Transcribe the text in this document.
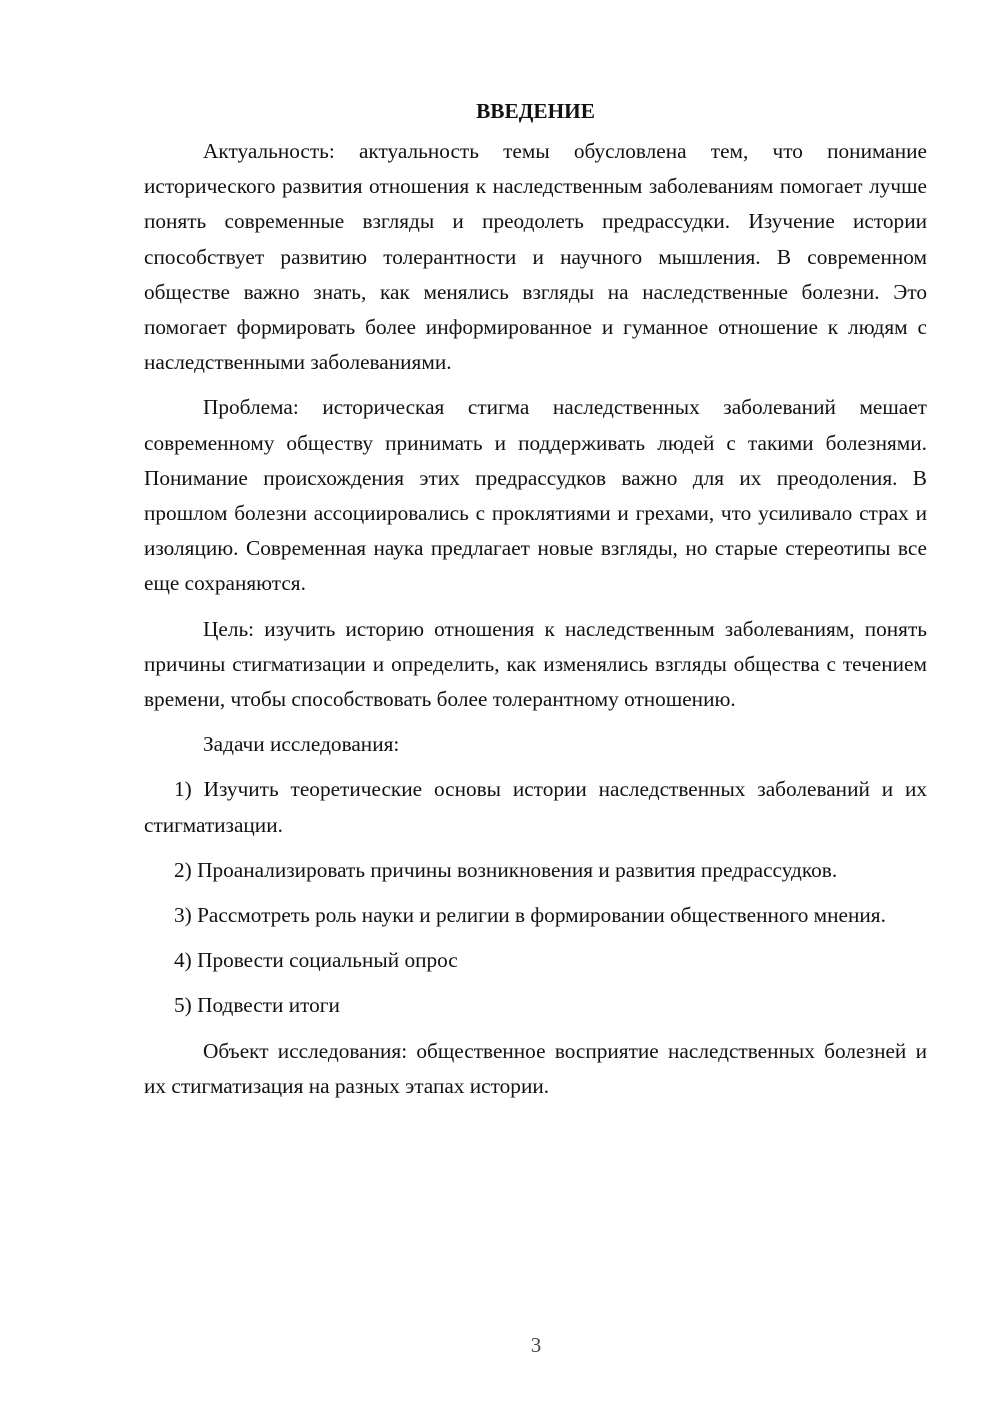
ВВЕДЕНИЕ

Актуальность: актуальность темы обусловлена тем, что понимание исторического развития отношения к наследственным заболеваниям помогает лучше понять современные взгляды и преодолеть предрассудки. Изучение истории способствует развитию толерантности и научного мышления. В современном обществе важно знать, как менялись взгляды на наследственные болезни. Это помогает формировать более информированное и гуманное отношение к людям с наследственными заболеваниями.

Проблема: историческая стигма наследственных заболеваний мешает современному обществу принимать и поддерживать людей с такими болезнями. Понимание происхождения этих предрассудков важно для их преодоления. В прошлом болезни ассоциировались с проклятиями и грехами, что усиливало страх и изоляцию. Современная наука предлагает новые взгляды, но старые стереотипы все еще сохраняются.

Цель: изучить историю отношения к наследственным заболеваниям, понять причины стигматизации и определить, как изменялись взгляды общества с течением времени, чтобы способствовать более толерантному отношению.

Задачи исследования:

1) Изучить теоретические основы истории наследственных заболеваний и их стигматизации.

2) Проанализировать причины возникновения и развития предрассудков.

3) Рассмотреть роль науки и религии в формировании общественного мнения.

4) Провести социальный опрос

5) Подвести итоги

Объект исследования: общественное восприятие наследственных болезней и их стигматизация на разных этапах истории.

3
